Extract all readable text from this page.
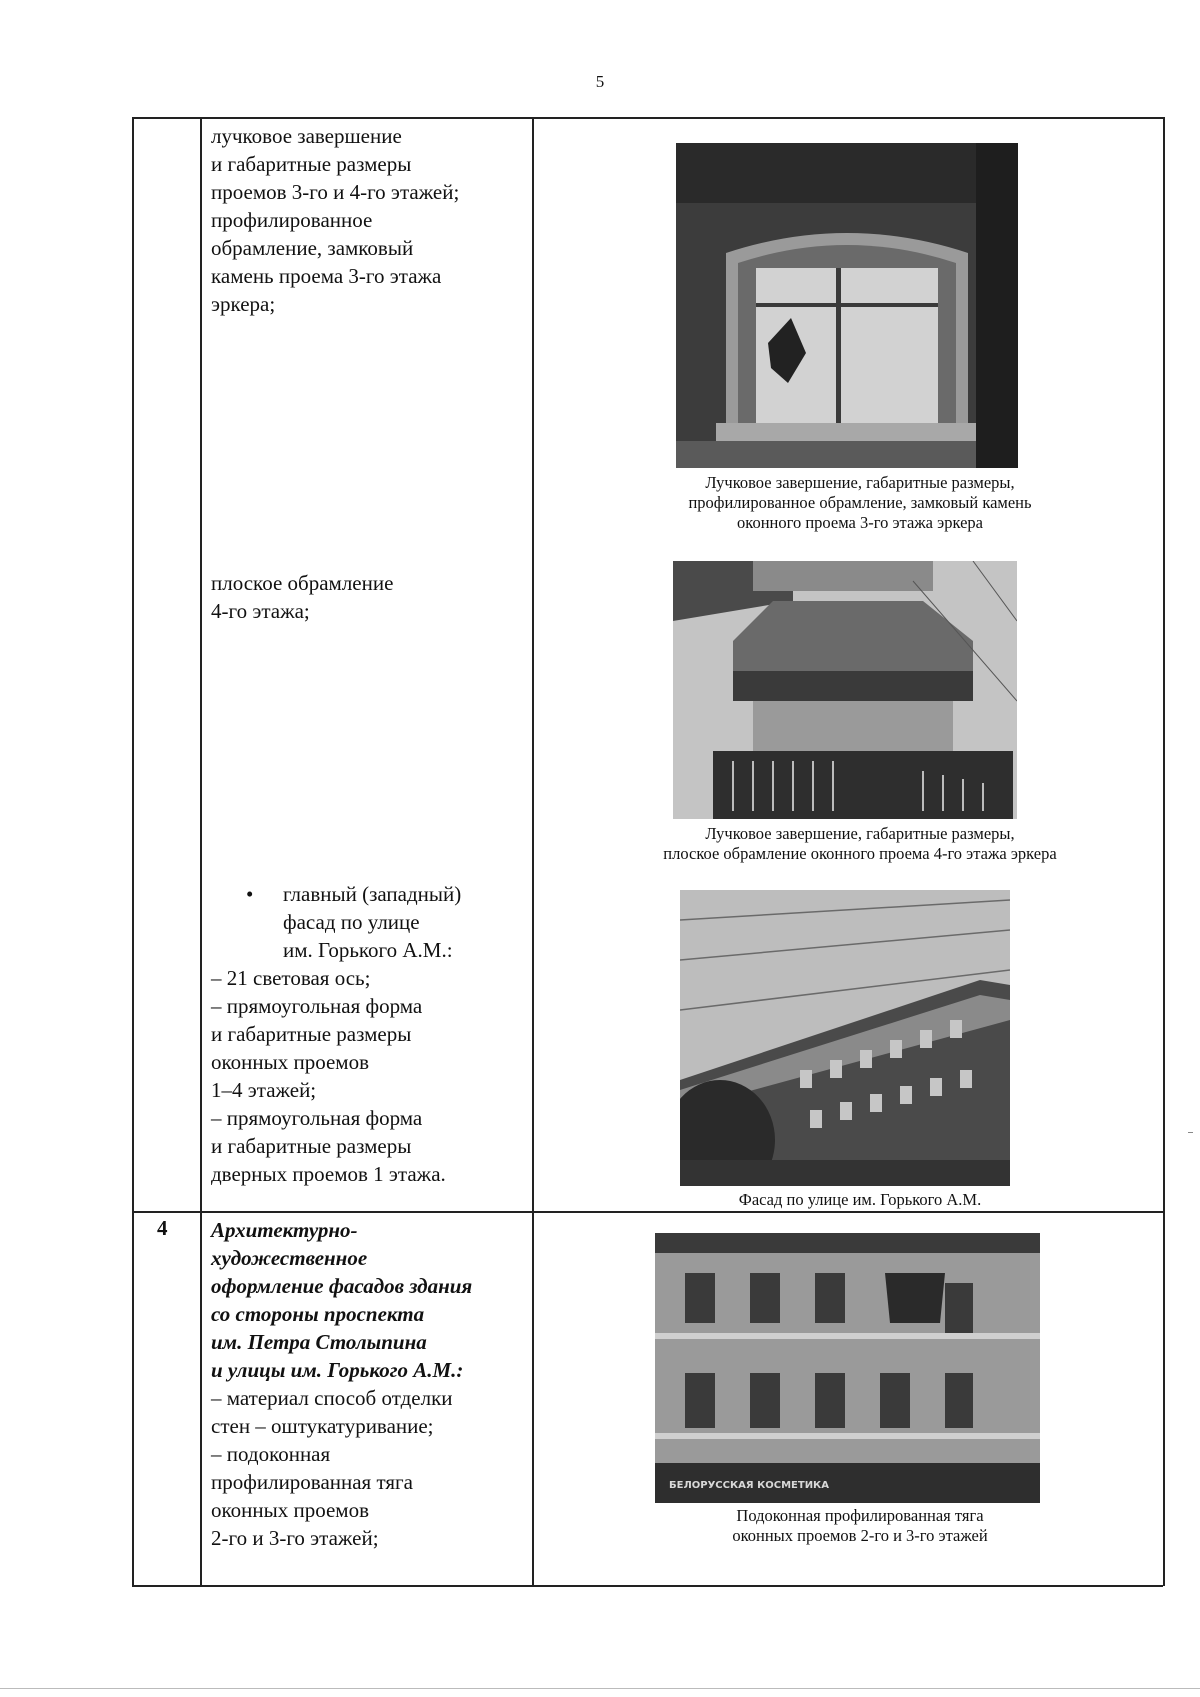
5

лучковое завершение

и габаритные размеры

проемов 3-го и 4-го этажей;

профилированное

обрамление, замковый

камень проема 3-го этажа

эркера;

плоское обрамление

4-го этажа;

• главный (западный)

фасад по улице

им. Горького А.М.:

– 21 световая ось;

– прямоугольная форма

и габаритные размеры

оконных проемов

1–4 этажей;

– прямоугольная форма

и габаритные размеры

дверных проемов 1 этажа.

Лучковое завершение, габаритные размеры,
профилированное обрамление, замковый камень
оконного проема 3-го этажа эркера
Лучковое завершение, габаритные размеры,
плоское обрамление оконного проема 4-го этажа эркера
Фасад по улице им. Горького А.М.
4 Архитектурно-

художественное

оформление фасадов здания

со стороны проспекта

им. Петра Столыпина

и улицы им. Горького А.М.:

– материал способ отделки

стен – оштукатуривание;

– подоконная

профилированная тяга

оконных проемов

2-го и 3-го этажей;

БЕЛОРУССКАЯ КОСМЕТИКА
Подоконная профилированная тяга
оконных проемов 2-го и 3-го этажей
